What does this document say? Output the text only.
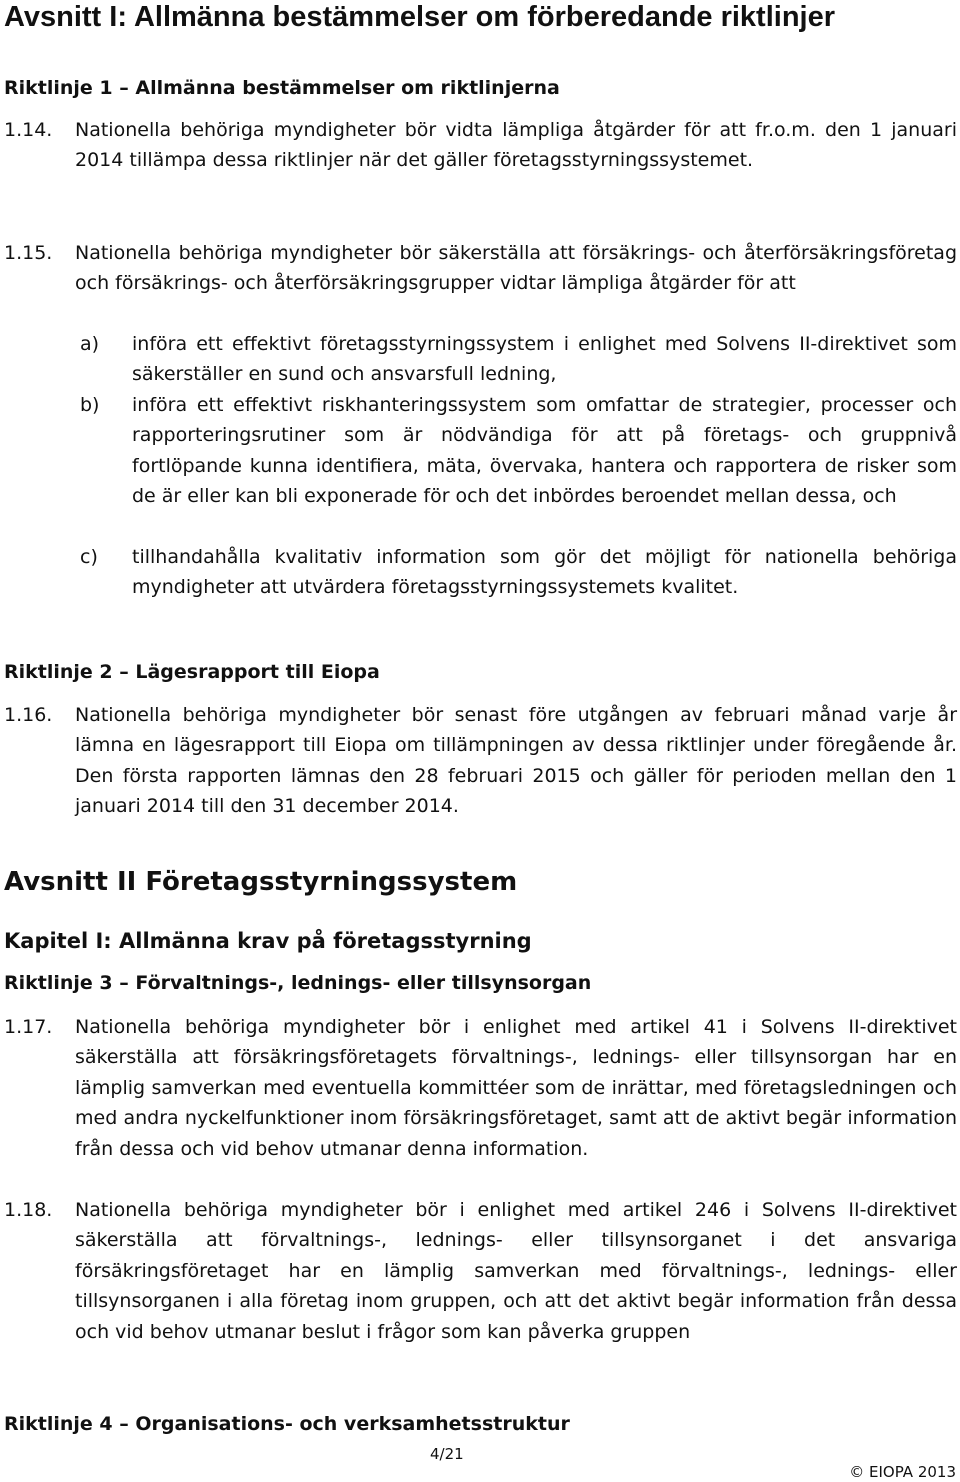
Avsnitt I: Allmänna bestämmelser om förberedande riktlinjer
Riktlinje 1 – Allmänna bestämmelser om riktlinjerna
1.14.	Nationella behöriga myndigheter bör vidta lämpliga åtgärder för att fr.o.m. den 1 januari 2014 tillämpa dessa riktlinjer när det gäller företagsstyrningssystemet.

1.15.	Nationella behöriga myndigheter bör säkerställa att försäkrings- och återförsäkringsföretag och försäkrings- och återförsäkringsgrupper vidtar lämpliga åtgärder för att

a)	införa ett effektivt företagsstyrningssystem i enlighet med Solvens II-direktivet som säkerställer en sund och ansvarsfull ledning,

b)	införa ett effektivt riskhanteringssystem som omfattar de strategier, processer och rapporteringsrutiner som är nödvändiga för att på företags- och gruppnivå fortlöpande kunna identifiera, mäta, övervaka, hantera och rapportera de risker som de är eller kan bli exponerade för och det inbördes beroendet mellan dessa, och

c)	tillhandahålla kvalitativ information som gör det möjligt för nationella behöriga myndigheter att utvärdera företagsstyrningssystemets kvalitet.

Riktlinje 2 – Lägesrapport till Eiopa
1.16.	Nationella behöriga myndigheter bör senast före utgången av februari månad varje år lämna en lägesrapport till Eiopa om tillämpningen av dessa riktlinjer under föregående år. Den första rapporten lämnas den 28 februari 2015 och gäller för perioden mellan den 1 januari 2014 till den 31 december 2014.

Avsnitt II Företagsstyrningssystem
Kapitel I: Allmänna krav på företagsstyrning
Riktlinje 3 – Förvaltnings-, lednings- eller tillsynsorgan
1.17.	Nationella behöriga myndigheter bör i enlighet med artikel 41 i Solvens II-direktivet säkerställa att försäkringsföretagets förvaltnings-, lednings- eller tillsynsorgan har en lämplig samverkan med eventuella kommittéer som de inrättar, med företagsledningen och med andra nyckelfunktioner inom försäkringsföretaget, samt att de aktivt begär information från dessa och vid behov utmanar denna information.

1.18.	Nationella behöriga myndigheter bör i enlighet med artikel 246 i Solvens II-direktivet säkerställa att förvaltnings-, lednings- eller tillsynsorganet i det ansvariga försäkringsföretaget har en lämplig samverkan med förvaltnings-, lednings- eller tillsynsorganen i alla företag inom gruppen, och att det aktivt begär information från dessa och vid behov utmanar beslut i frågor som kan påverka gruppen

Riktlinje 4 – Organisations- och verksamhetsstruktur
4/21
© EIOPA 2013
